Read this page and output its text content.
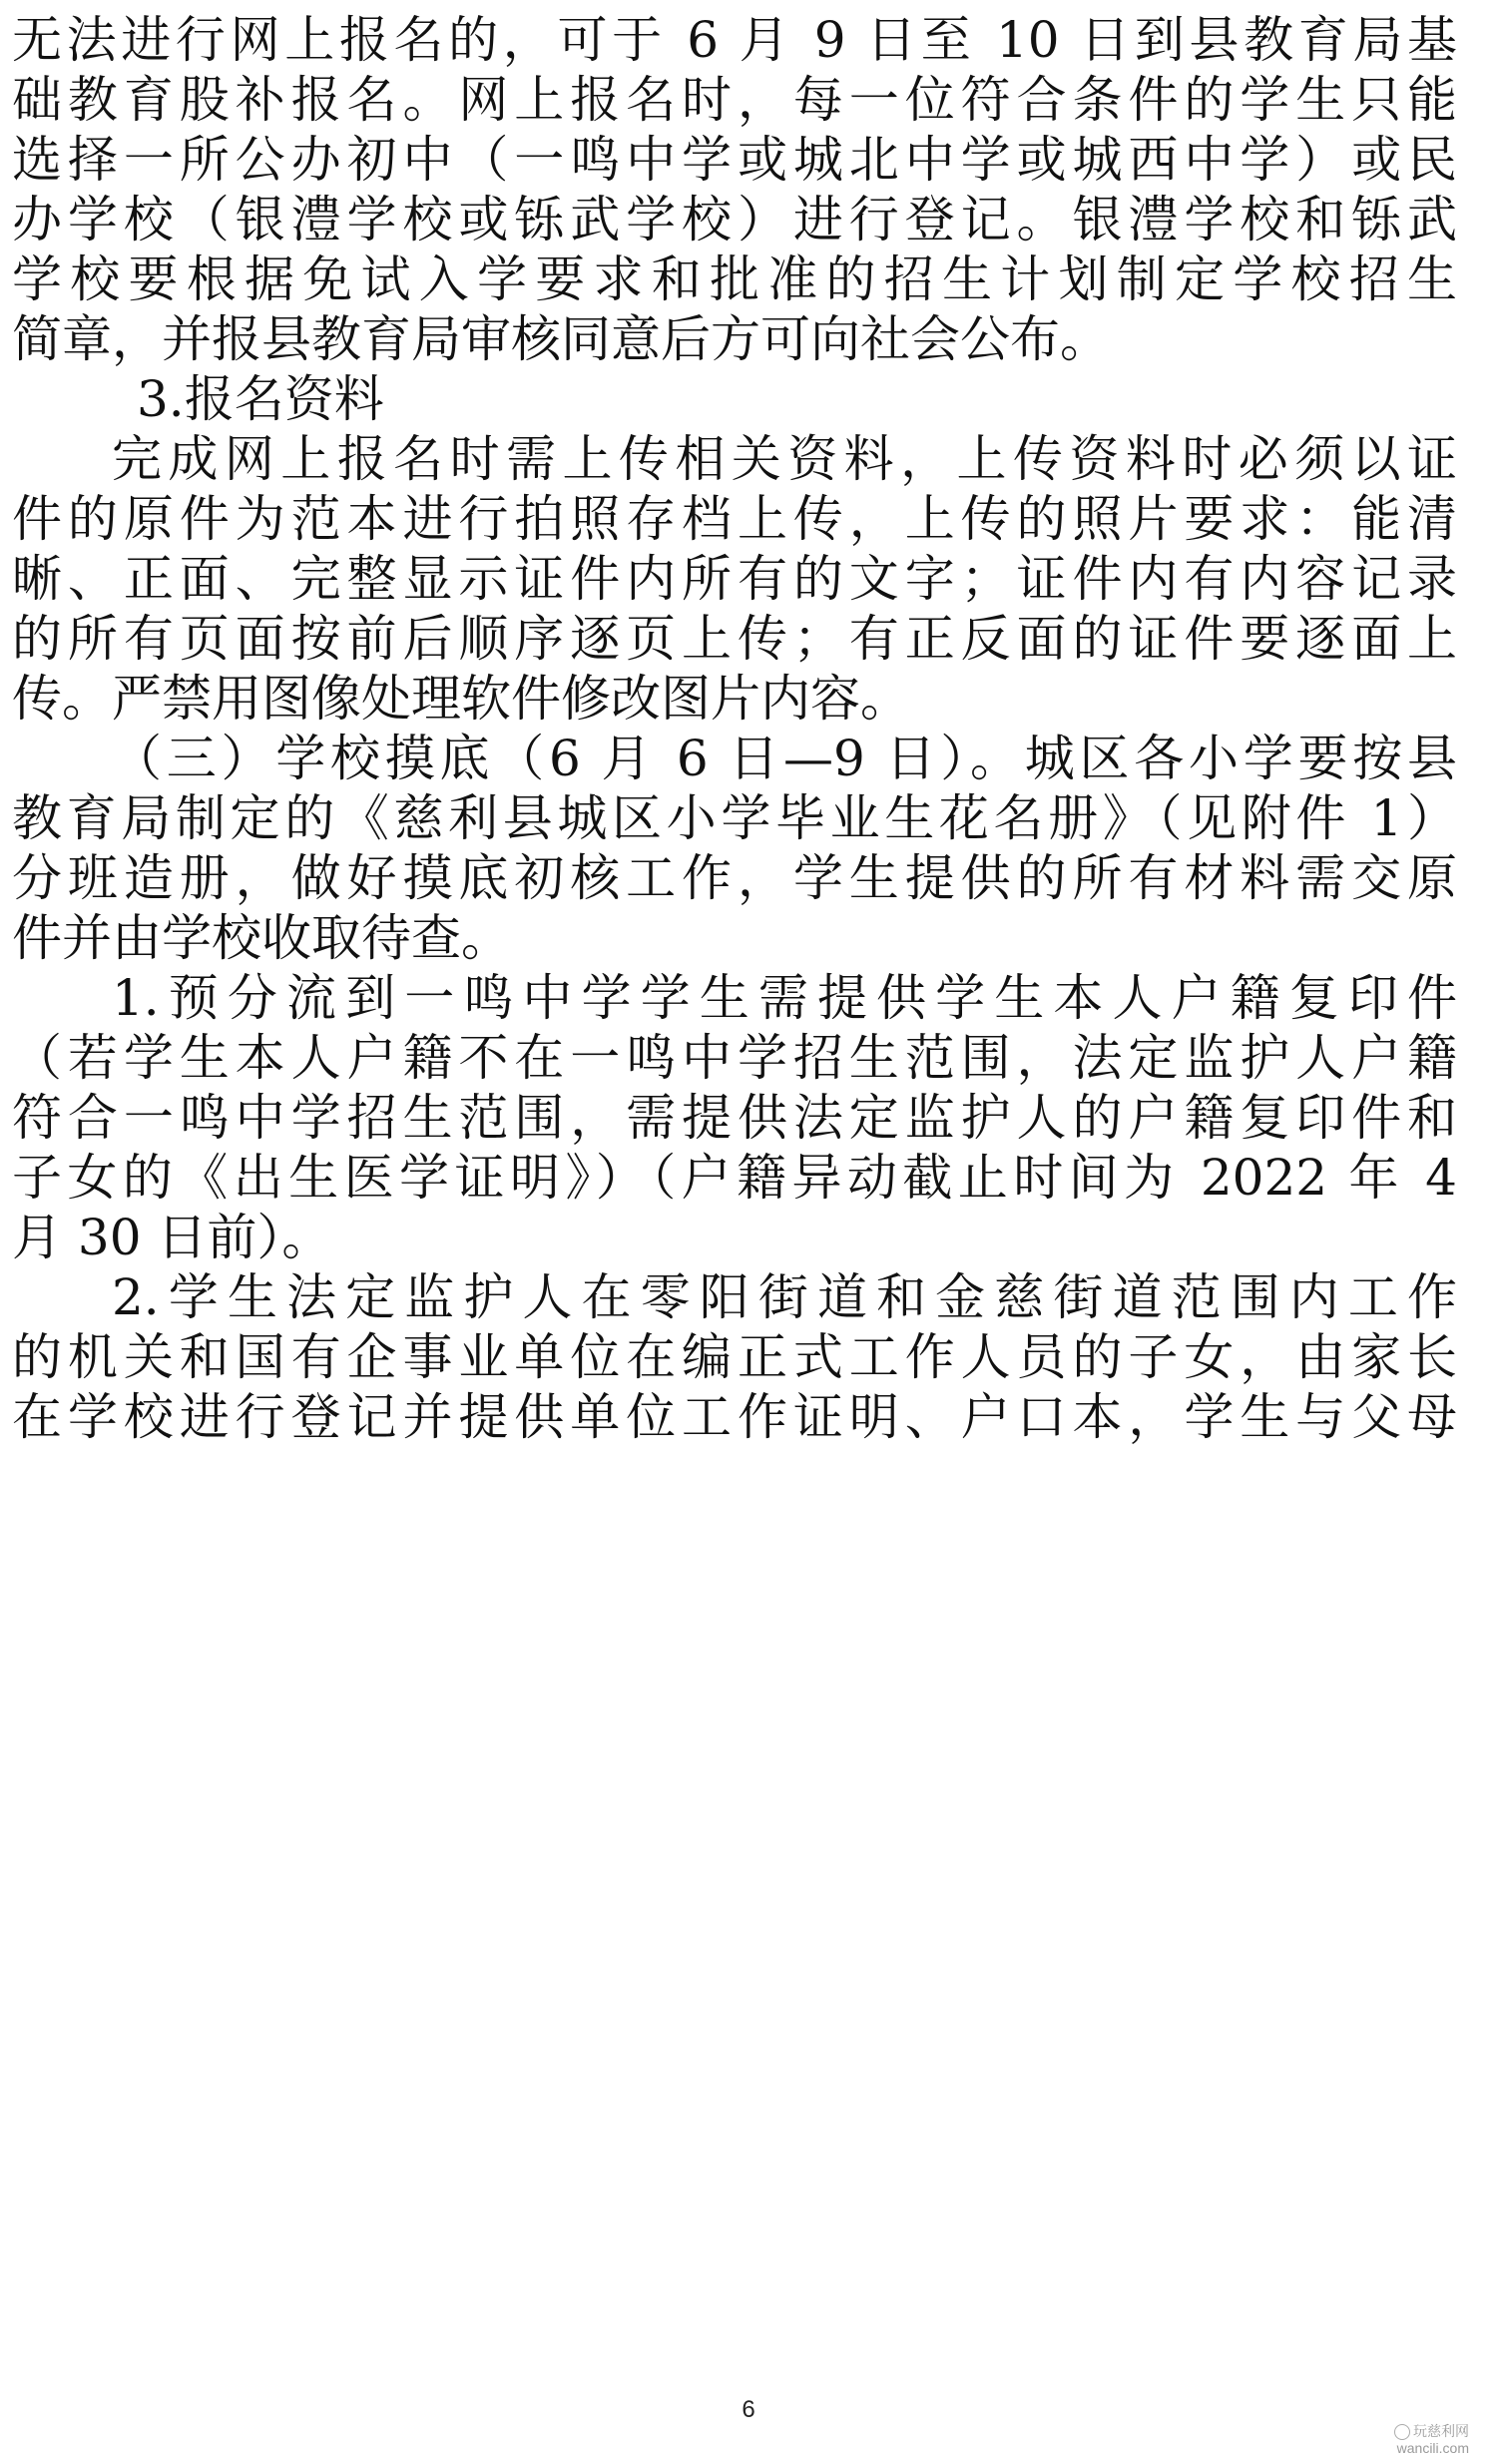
无法进行网上报名的，可于 6 月 9 日至 10 日到县教育局基
础教育股补报名。网上报名时，每一位符合条件的学生只能
选择一所公办初中（一鸣中学或城北中学或城西中学）或民
办学校（银澧学校或铄武学校）进行登记。银澧学校和铄武
学校要根据免试入学要求和批准的招生计划制定学校招生
简章，并报县教育局审核同意后方可向社会公布。
3.报名资料
完成网上报名时需上传相关资料，上传资料时必须以证
件的原件为范本进行拍照存档上传，上传的照片要求：能清
晰、正面、完整显示证件内所有的文字；证件内有内容记录
的所有页面按前后顺序逐页上传；有正反面的证件要逐面上
传。严禁用图像处理软件修改图片内容。
（三）学校摸底（6 月 6 日—9 日）。城区各小学要按县
教育局制定的《慈利县城区小学毕业生花名册》（见附件 1）
分班造册，做好摸底初核工作，学生提供的所有材料需交原
件并由学校收取待查。
1.预分流到一鸣中学学生需提供学生本人户籍复印件
（若学生本人户籍不在一鸣中学招生范围，法定监护人户籍
符合一鸣中学招生范围，需提供法定监护人的户籍复印件和
子女的《出生医学证明》）（户籍异动截止时间为 2022 年 4
月 30 日前）。
2.学生法定监护人在零阳街道和金慈街道范围内工作
的机关和国有企事业单位在编正式工作人员的子女，由家长
在学校进行登记并提供单位工作证明、户口本，学生与父母
6
玩慈利网
wancili.com
